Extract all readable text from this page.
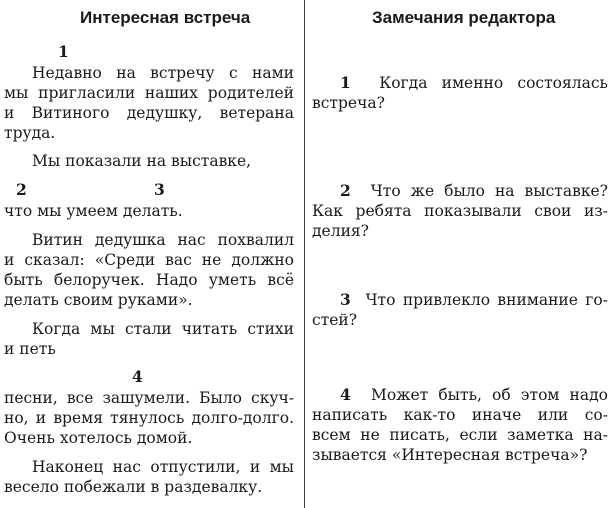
Интересная встреча
1
Недавно на встречу с нами
мы пригласили наших родителей
и Витиного дедушку, ветерана
труда.
Мы показали на выставке,
2	3
что мы умеем делать.
Витин дедушка нас похвалил
и сказал: «Среди вас не должно
быть белоручек. Надо уметь всё
делать своим руками».
Когда мы стали читать стихи
и петь
4
песни, все зашумели. Было скуч-
но, и время тянулось долго-долго.
Очень хотелось домой.
Наконец нас отпустили, и мы
весело побежали в раздевалку.
Замечания редактора
1 Когда именно состоялась
встреча?
2 Что же было на выставке?
Как ребята показывали свои из-
делия?
3 Что привлекло внимание го-
стей?
4 Может быть, об этом надо
написать как-то иначе или со-
всем не писать, если заметка на-
зывается «Интересная встреча»?
